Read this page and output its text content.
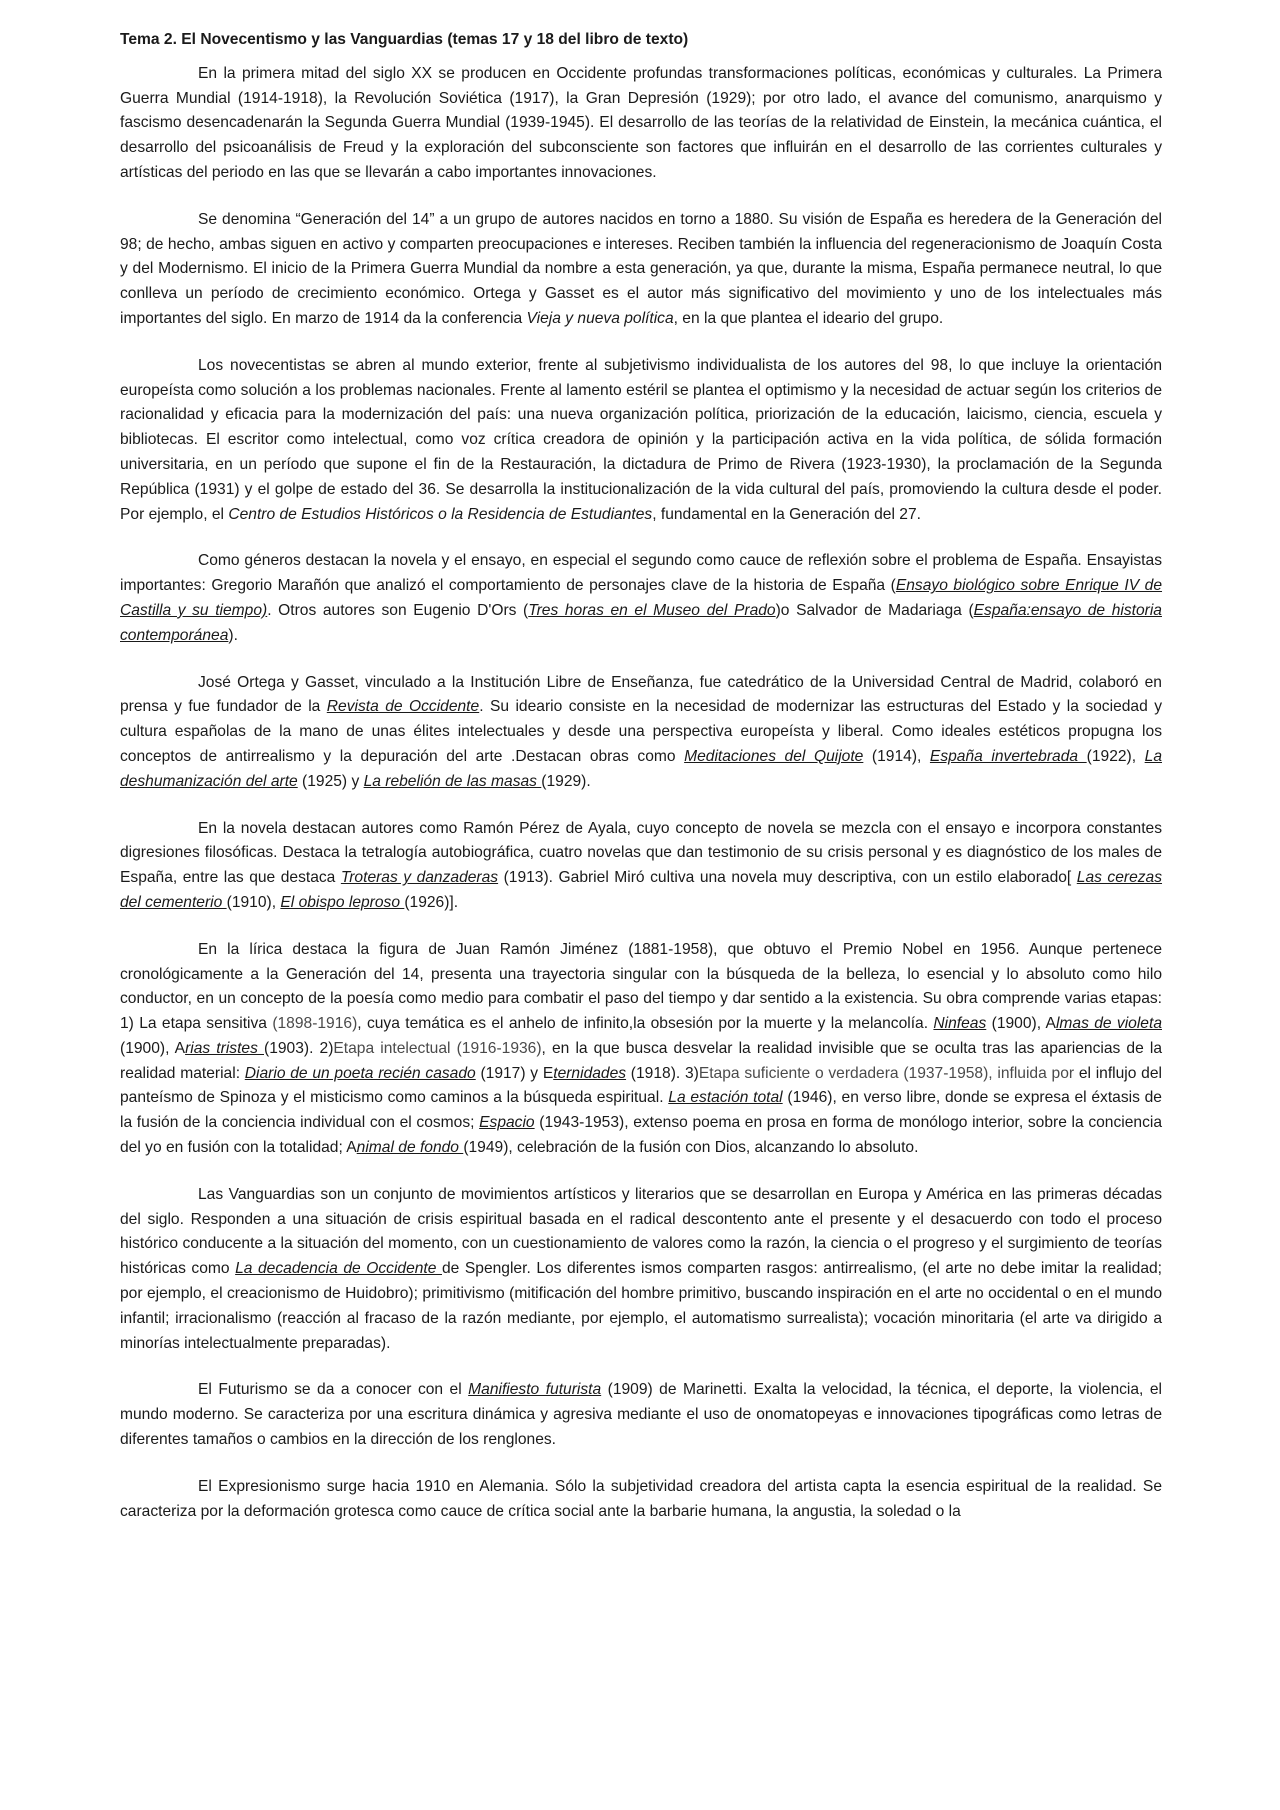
Tema 2. El Novecentismo y las Vanguardias (temas 17 y 18 del libro de texto)

En la primera mitad del siglo XX se producen en Occidente profundas transformaciones políticas, económicas y culturales. La Primera Guerra Mundial (1914-1918), la Revolución Soviética (1917), la Gran Depresión (1929); por otro lado, el avance del comunismo, anarquismo y fascismo desencadenarán la Segunda Guerra Mundial (1939-1945). El desarrollo de las teorías de la relatividad de Einstein, la mecánica cuántica, el desarrollo del psicoanálisis de Freud y la exploración del subconsciente son factores que influirán en el desarrollo de las corrientes culturales y artísticas del periodo en las que se llevarán a cabo importantes innovaciones.

Se denomina “Generación del 14” a un grupo de autores nacidos en torno a 1880. Su visión de España es heredera de la Generación del 98; de hecho, ambas siguen en activo y comparten preocupaciones e intereses. Reciben también la influencia del regeneracionismo de Joaquín Costa y del Modernismo. El inicio de la Primera Guerra Mundial da nombre a esta generación, ya que, durante la misma, España permanece neutral, lo que conlleva un período de crecimiento económico. Ortega y Gasset es el autor más significativo del movimiento y uno de los intelectuales más importantes del siglo. En marzo de 1914 da la conferencia Vieja y nueva política, en la que plantea el ideario del grupo.

Los novecentistas se abren al mundo exterior, frente al subjetivismo individualista de los autores del 98, lo que incluye la orientación europeísta como solución a los problemas nacionales. Frente al lamento estéril se plantea el optimismo y la necesidad de actuar según los criterios de racionalidad y eficacia para la modernización del país: una nueva organización política, priorización de la educación, laicismo, ciencia, escuela y bibliotecas. El escritor como intelectual, como voz crítica creadora de opinión y la participación activa en la vida política, de sólida formación universitaria, en un período que supone el fin de la Restauración, la dictadura de Primo de Rivera (1923-1930), la proclamación de la Segunda República (1931) y el golpe de estado del 36. Se desarrolla la institucionalización de la vida cultural del país, promoviendo la cultura desde el poder. Por ejemplo, el Centro de Estudios Históricos o la Residencia de Estudiantes, fundamental en la Generación del 27.

Como géneros destacan la novela y el ensayo, en especial el segundo como cauce de reflexión sobre el problema de España. Ensayistas importantes: Gregorio Marañón que analizó el comportamiento de personajes clave de la historia de España (Ensayo biológico sobre Enrique IV de Castilla y su tiempo). Otros autores son Eugenio D'Ors (Tres horas en el Museo del Prado)o Salvador de Madariaga (España:ensayo de historia contemporánea).

José Ortega y Gasset, vinculado a la Institución Libre de Enseñanza, fue catedrático de la Universidad Central de Madrid, colaboró en prensa y fue fundador de la Revista de Occidente. Su ideario consiste en la necesidad de modernizar las estructuras del Estado y la sociedad y cultura españolas de la mano de unas élites intelectuales y desde una perspectiva europeísta y liberal. Como ideales estéticos propugna los conceptos de antirrealismo y la depuración del arte .Destacan obras como Meditaciones del Quijote (1914), España invertebrada (1922), La deshumanización del arte (1925) y La rebelión de las masas (1929).

En la novela destacan autores como Ramón Pérez de Ayala, cuyo concepto de novela se mezcla con el ensayo e incorpora constantes digresiones filosóficas. Destaca la tetralogía autobiográfica, cuatro novelas que dan testimonio de su crisis personal y es diagnóstico de los males de España, entre las que destaca Troteras y danzaderas (1913). Gabriel Miró cultiva una novela muy descriptiva, con un estilo elaborado[ Las cerezas del cementerio (1910), El obispo leproso (1926)].

En la lírica destaca la figura de Juan Ramón Jiménez (1881-1958), que obtuvo el Premio Nobel en 1956. Aunque pertenece cronológicamente a la Generación del 14, presenta una trayectoria singular con la búsqueda de la belleza, lo esencial y lo absoluto como hilo conductor, en un concepto de la poesía como medio para combatir el paso del tiempo y dar sentido a la existencia. Su obra comprende varias etapas: 1) La etapa sensitiva (1898-1916), cuya temática es el anhelo de infinito,la obsesión por la muerte y la melancolía. Ninfeas (1900), Almas de violeta (1900), Arias tristes (1903). 2)Etapa intelectual (1916-1936), en la que busca desvelar la realidad invisible que se oculta tras las apariencias de la realidad material: Diario de un poeta recién casado (1917) y Eternidades (1918). 3)Etapa suficiente o verdadera (1937-1958), influida por el influjo del panteísmo de Spinoza y el misticismo como caminos a la búsqueda espiritual. La estación total (1946), en verso libre, donde se expresa el éxtasis de la fusión de la conciencia individual con el cosmos; Espacio (1943-1953), extenso poema en prosa en forma de monólogo interior, sobre la conciencia del yo en fusión con la totalidad; Animal de fondo (1949), celebración de la fusión con Dios, alcanzando lo absoluto.

Las Vanguardias son un conjunto de movimientos artísticos y literarios que se desarrollan en Europa y América en las primeras décadas del siglo. Responden a una situación de crisis espiritual basada en el radical descontento ante el presente y el desacuerdo con todo el proceso histórico conducente a la situación del momento, con un cuestionamiento de valores como la razón, la ciencia o el progreso y el surgimiento de teorías históricas como La decadencia de Occidente de Spengler. Los diferentes ismos comparten rasgos: antirrealismo, (el arte no debe imitar la realidad; por ejemplo, el creacionismo de Huidobro); primitivismo (mitificación del hombre primitivo, buscando inspiración en el arte no occidental o en el mundo infantil; irracionalismo (reacción al fracaso de la razón mediante, por ejemplo, el automatismo surrealista); vocación minoritaria (el arte va dirigido a minorías intelectualmente preparadas).

El Futurismo se da a conocer con el Manifiesto futurista (1909) de Marinetti. Exalta la velocidad, la técnica, el deporte, la violencia, el mundo moderno. Se caracteriza por una escritura dinámica y agresiva mediante el uso de onomatopeyas e innovaciones tipográficas como letras de diferentes tamaños o cambios en la dirección de los renglones.

El Expresionismo surge hacia 1910 en Alemania. Sólo la subjetividad creadora del artista capta la esencia espiritual de la realidad. Se caracteriza por la deformación grotesca como cauce de crítica social ante la barbarie humana, la angustia, la soledad o la
